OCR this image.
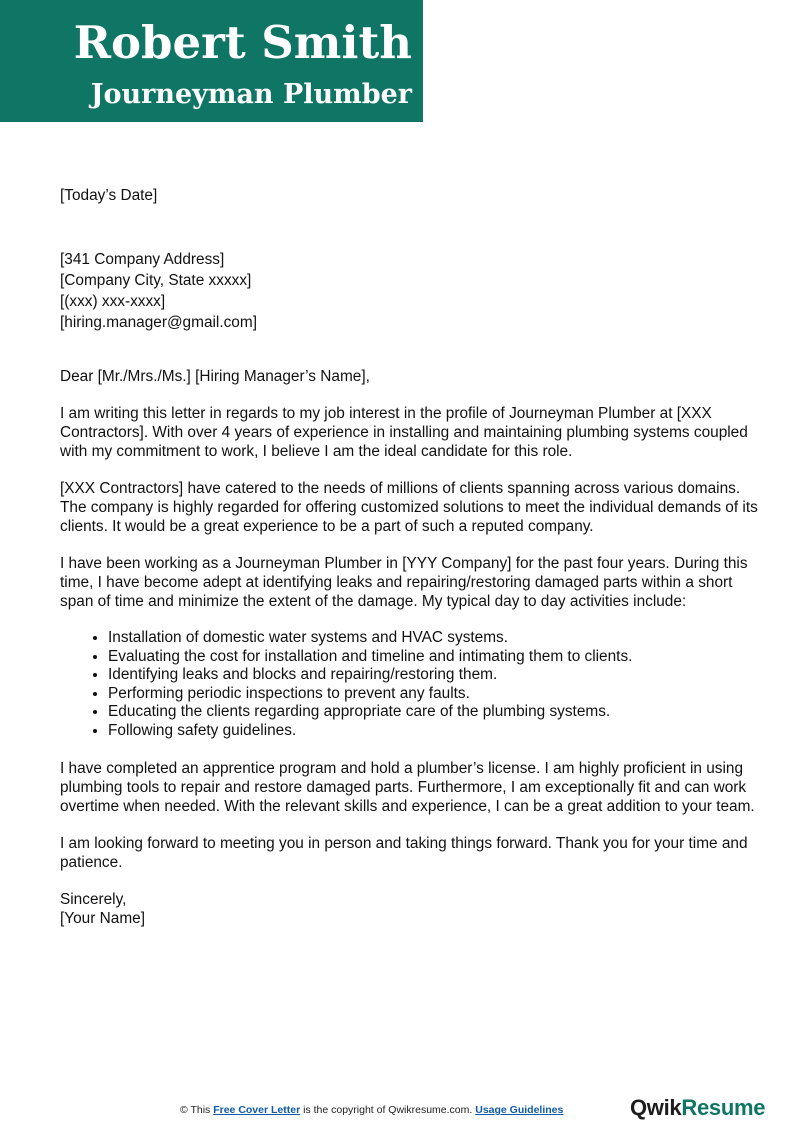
Robert Smith
Journeyman Plumber

[Today’s Date]

[341 Company Address]
[Company City, State xxxxx]
[(xxx) xxx-xxxx]
[hiring.manager@gmail.com]

Dear [Mr./Mrs./Ms.] [Hiring Manager’s Name],

I am writing this letter in regards to my job interest in the profile of Journeyman Plumber at [XXX Contractors]. With over 4 years of experience in installing and maintaining plumbing systems coupled with my commitment to work, I believe I am the ideal candidate for this role.

[XXX Contractors] have catered to the needs of millions of clients spanning across various domains. The company is highly regarded for offering customized solutions to meet the individual demands of its clients. It would be a great experience to be a part of such a reputed company.

I have been working as a Journeyman Plumber in [YYY Company] for the past four years. During this time, I have become adept at identifying leaks and repairing/restoring damaged parts within a short span of time and minimize the extent of the damage. My typical day to day activities include:

• Installation of domestic water systems and HVAC systems.
• Evaluating the cost for installation and timeline and intimating them to clients.
• Identifying leaks and blocks and repairing/restoring them.
• Performing periodic inspections to prevent any faults.
• Educating the clients regarding appropriate care of the plumbing systems.
• Following safety guidelines.

I have completed an apprentice program and hold a plumber’s license. I am highly proficient in using plumbing tools to repair and restore damaged parts. Furthermore, I am exceptionally fit and can work overtime when needed. With the relevant skills and experience, I can be a great addition to your team.

I am looking forward to meeting you in person and taking things forward. Thank you for your time and patience.

Sincerely,
[Your Name]
© This Free Cover Letter is the copyright of Qwikresume.com. Usage Guidelines	QwikResume
